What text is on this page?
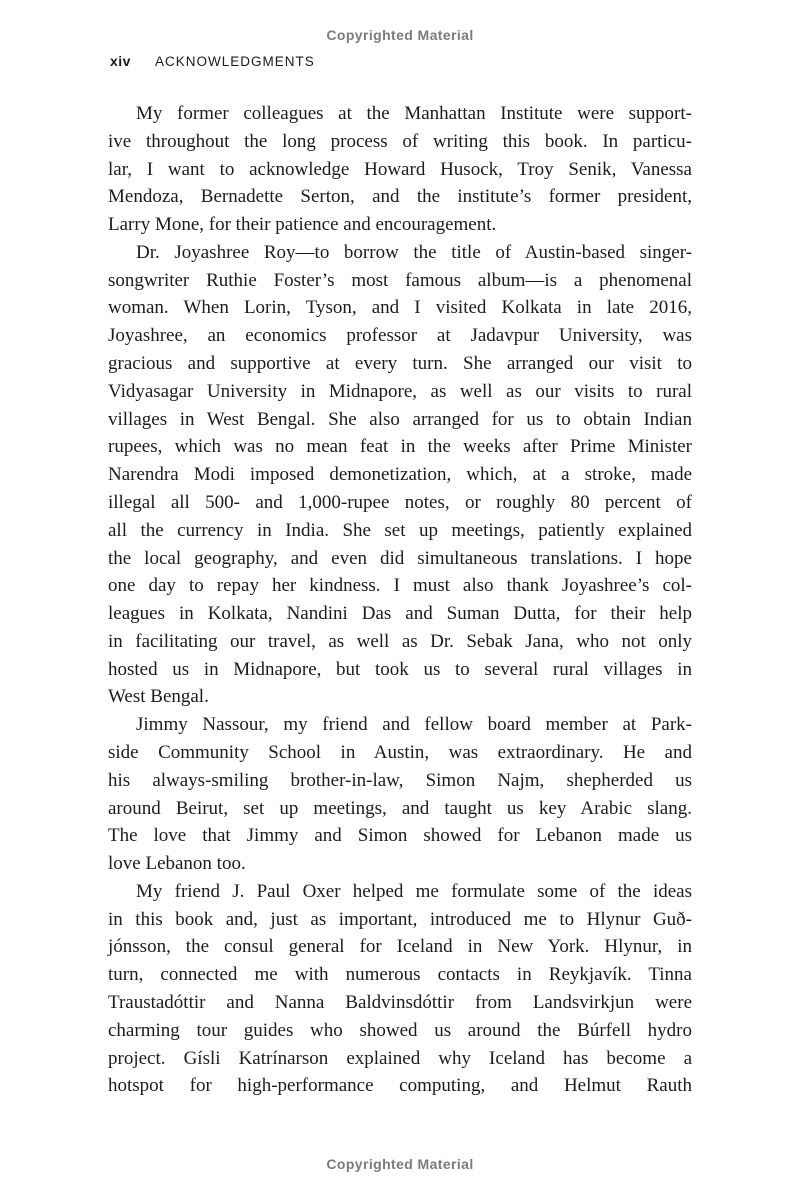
Copyrighted Material
xiv ACKNOWLEDGMENTS
My former colleagues at the Manhattan Institute were support-
ive throughout the long process of writing this book. In particu-
lar, I want to acknowledge Howard Husock, Troy Senik, Vanessa
Mendoza, Bernadette Serton, and the institute’s former president,
Larry Mone, for their patience and encouragement.
Dr. Joyashree Roy—to borrow the title of Austin-based singer-
songwriter Ruthie Foster’s most famous album—is a phenomenal
woman. When Lorin, Tyson, and I visited Kolkata in late 2016,
Joyashree, an economics professor at Jadavpur University, was
gracious and supportive at every turn. She arranged our visit to
Vidyasagar University in Midnapore, as well as our visits to rural
villages in West Bengal. She also arranged for us to obtain Indian
rupees, which was no mean feat in the weeks after Prime Minister
Narendra Modi imposed demonetization, which, at a stroke, made
illegal all 500- and 1,000-rupee notes, or roughly 80 percent of
all the currency in India. She set up meetings, patiently explained
the local geography, and even did simultaneous translations. I hope
one day to repay her kindness. I must also thank Joyashree’s col-
leagues in Kolkata, Nandini Das and Suman Dutta, for their help
in facilitating our travel, as well as Dr. Sebak Jana, who not only
hosted us in Midnapore, but took us to several rural villages in
West Bengal.
Jimmy Nassour, my friend and fellow board member at Park-
side Community School in Austin, was extraordinary. He and
his always-smiling brother-in-law, Simon Najm, shepherded us
around Beirut, set up meetings, and taught us key Arabic slang.
The love that Jimmy and Simon showed for Lebanon made us
love Lebanon too.
My friend J. Paul Oxer helped me formulate some of the ideas
in this book and, just as important, introduced me to Hlynur Guð-
jónsson, the consul general for Iceland in New York. Hlynur, in
turn, connected me with numerous contacts in Reykjavík. Tinna
Traustadóttir and Nanna Baldvinsdóttir from Landsvirkjun were
charming tour guides who showed us around the Búrfell hydro
project. Gísli Katrínarson explained why Iceland has become a
hotspot for high-performance computing, and Helmut Rauth
Copyrighted Material
